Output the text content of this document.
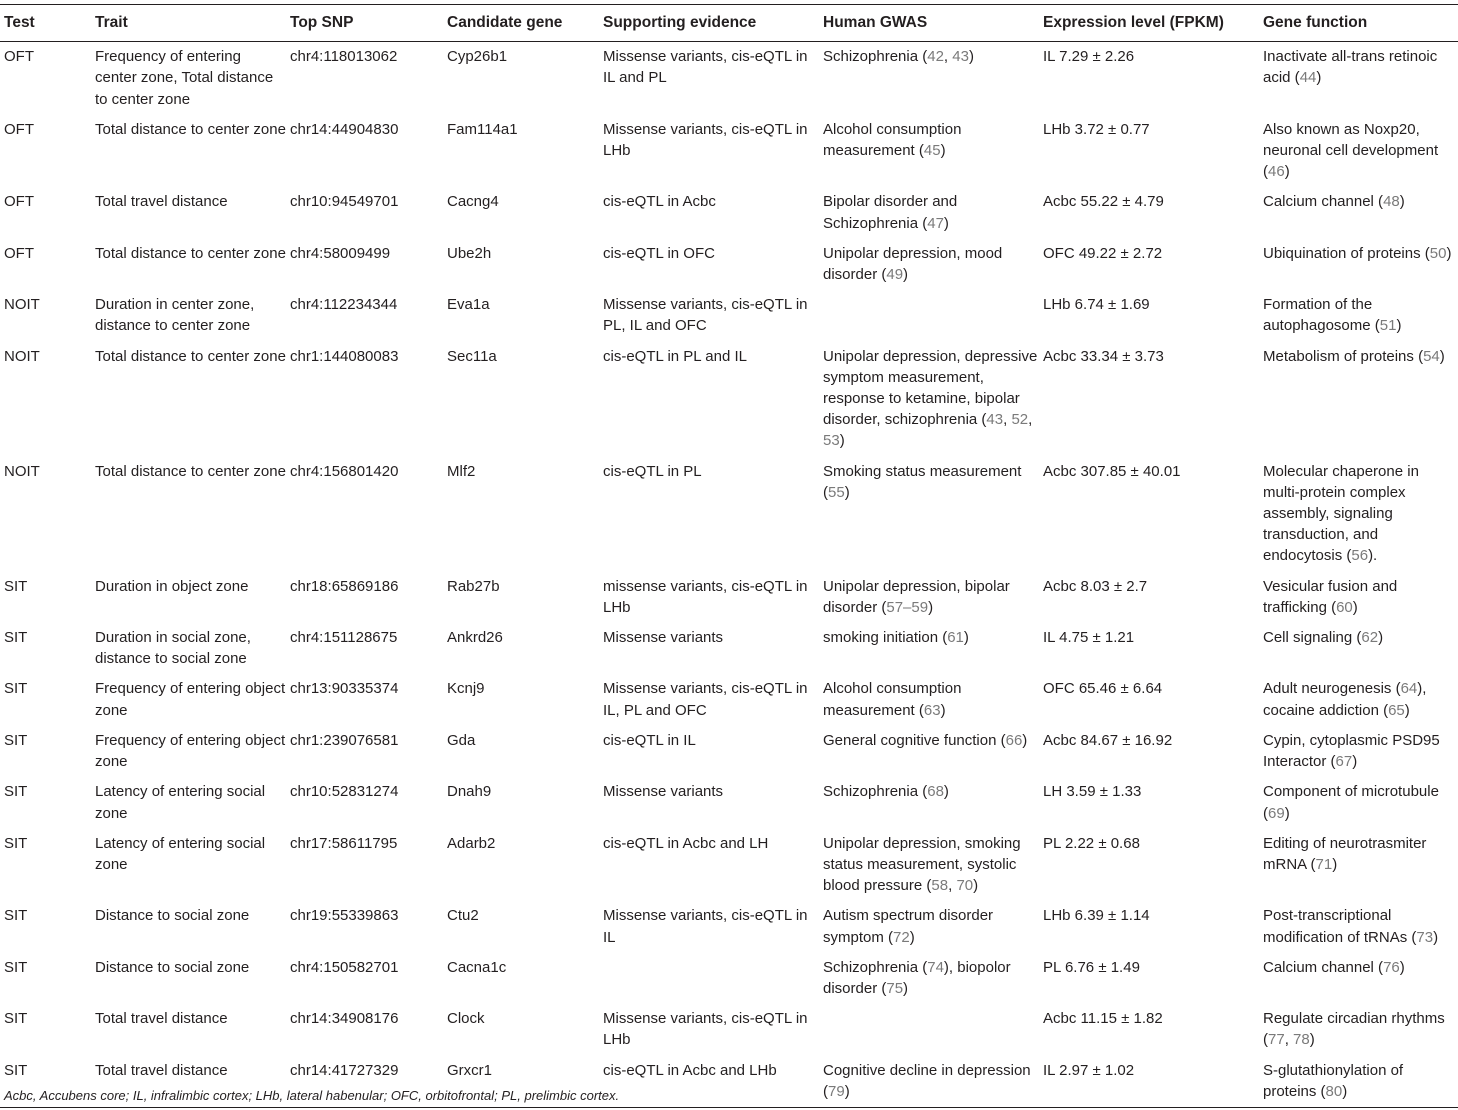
Test	Trait	Top SNP	Candidate gene	Supporting evidence	Human GWAS	Expression level (FPKM)	Gene function
OFT	Frequency of entering center zone, Total distance to center zone	chr4:118013062	Cyp26b1	Missense variants, cis-eQTL in IL and PL	Schizophrenia (42, 43)	IL 7.29 ± 2.26	Inactivate all-trans retinoic acid (44)
OFT	Total distance to center zone	chr14:44904830	Fam114a1	Missense variants, cis-eQTL in LHb	Alcohol consumption measurement (45)	LHb 3.72 ± 0.77	Also known as Noxp20, neuronal cell development (46)
OFT	Total travel distance	chr10:94549701	Cacng4	cis-eQTL in Acbc	Bipolar disorder and Schizophrenia (47)	Acbc 55.22 ± 4.79	Calcium channel (48)
OFT	Total distance to center zone	chr4:58009499	Ube2h	cis-eQTL in OFC	Unipolar depression, mood disorder (49)	OFC 49.22 ± 2.72	Ubiquination of proteins (50)
NOIT	Duration in center zone, distance to center zone	chr4:112234344	Eva1a	Missense variants, cis-eQTL in PL, IL and OFC		LHb 6.74 ± 1.69	Formation of the autophagosome (51)
NOIT	Total distance to center zone	chr1:144080083	Sec11a	cis-eQTL in PL and IL	Unipolar depression, depressive symptom measurement, response to ketamine, bipolar disorder, schizophrenia (43, 52, 53)	Acbc 33.34 ± 3.73	Metabolism of proteins (54)
NOIT	Total distance to center zone	chr4:156801420	Mlf2	cis-eQTL in PL	Smoking status measurement (55)	Acbc 307.85 ± 40.01	Molecular chaperone in multi-protein complex assembly, signaling transduction, and endocytosis (56).
SIT	Duration in object zone	chr18:65869186	Rab27b	missense variants, cis-eQTL in LHb	Unipolar depression, bipolar disorder (57–59)	Acbc 8.03 ± 2.7	Vesicular fusion and trafficking (60)
SIT	Duration in social zone, distance to social zone	chr4:151128675	Ankrd26	Missense variants	smoking initiation (61)	IL 4.75 ± 1.21	Cell signaling (62)
SIT	Frequency of entering object zone	chr13:90335374	Kcnj9	Missense variants, cis-eQTL in IL, PL and OFC	Alcohol consumption measurement (63)	OFC 65.46 ± 6.64	Adult neurogenesis (64), cocaine addiction (65)
SIT	Frequency of entering object zone	chr1:239076581	Gda	cis-eQTL in IL	General cognitive function (66)	Acbc 84.67 ± 16.92	Cypin, cytoplasmic PSD95 Interactor (67)
SIT	Latency of entering social zone	chr10:52831274	Dnah9	Missense variants	Schizophrenia (68)	LH 3.59 ± 1.33	Component of microtubule (69)
SIT	Latency of entering social zone	chr17:58611795	Adarb2	cis-eQTL in Acbc and LH	Unipolar depression, smoking status measurement, systolic blood pressure (58, 70)	PL 2.22 ± 0.68	Editing of neurotrasmiter mRNA (71)
SIT	Distance to social zone	chr19:55339863	Ctu2	Missense variants, cis-eQTL in IL	Autism spectrum disorder symptom (72)	LHb 6.39 ± 1.14	Post-transcriptional modification of tRNAs (73)
SIT	Distance to social zone	chr4:150582701	Cacna1c		Schizophrenia (74), biopolor disorder (75)	PL 6.76 ± 1.49	Calcium channel (76)
SIT	Total travel distance	chr14:34908176	Clock	Missense variants, cis-eQTL in LHb		Acbc 11.15 ± 1.82	Regulate circadian rhythms (77, 78)
SIT	Total travel distance	chr14:41727329	Grxcr1	cis-eQTL in Acbc and LHb	Cognitive decline in depression (79)	IL 2.97 ± 1.02	S-glutathionylation of proteins (80)
Acbc, Accubens core; IL, infralimbic cortex; LHb, lateral habenular; OFC, orbitofrontal; PL, prelimbic cortex.
